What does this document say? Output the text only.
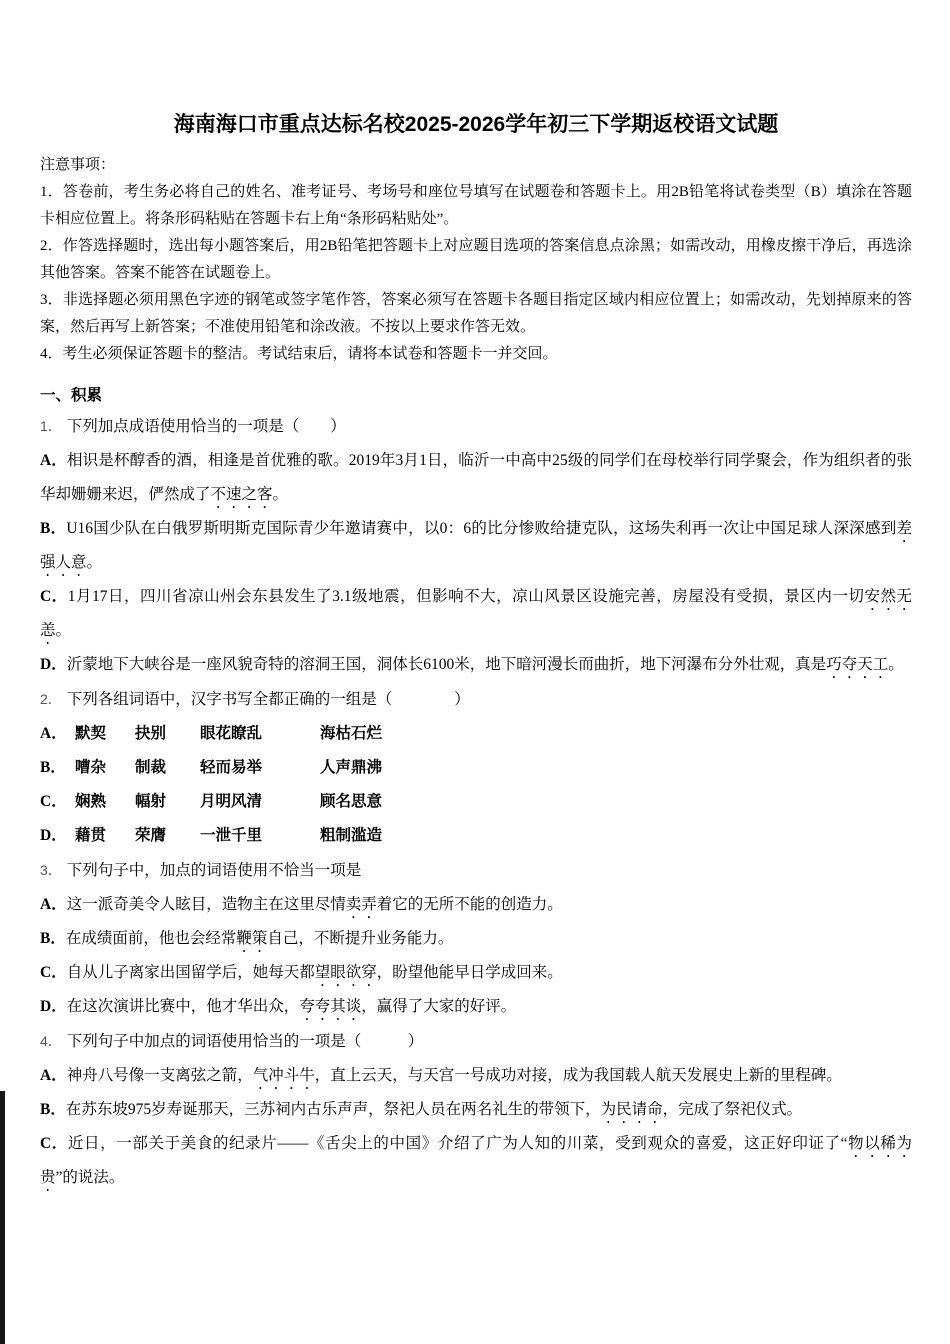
海南海口市重点达标名校2025-2026学年初三下学期返校语文试题

注意事项：

1．答卷前，考生务必将自己的姓名、准考证号、考场号和座位号填写在试题卷和答题卡上。用2B铅笔将试卷类型（B）填涂在答题卡相应位置上。将条形码粘贴在答题卡右上角“条形码粘贴处”。

2．作答选择题时，选出每小题答案后，用2B铅笔把答题卡上对应题目选项的答案信息点涂黑；如需改动，用橡皮擦干净后，再选涂其他答案。答案不能答在试题卷上。

3．非选择题必须用黑色字迹的钢笔或签字笔作答，答案必须写在答题卡各题目指定区域内相应位置上；如需改动，先划掉原来的答案，然后再写上新答案；不准使用铅笔和涂改液。不按以上要求作答无效。

4．考生必须保证答题卡的整洁。考试结束后，请将本试卷和答题卡一并交回。

一、积累

1． 下列加点成语使用恰当的一项是（　　）

A．相识是杯醇香的酒，相逢是首优雅的歌。2019年3月1日，临沂一中高中25级的同学们在母校举行同学聚会，作为组织者的张华却姗姗来迟，俨然成了不速之客。

B．U16国少队在白俄罗斯明斯克国际青少年邀请赛中，以0：6的比分惨败给捷克队，这场失利再一次让中国足球人深深感到差强人意。

C．1月17日，四川省凉山州会东县发生了3.1级地震，但影响不大，凉山风景区设施完善，房屋没有受损，景区内一切安然无恙。

D．沂蒙地下大峡谷是一座风貌奇特的溶洞王国，洞体长6100米，地下暗河漫长而曲折，地下河瀑布分外壮观，真是巧夺天工。

2． 下列各组词语中，汉字书写全都正确的一组是（　　　　）

A． 默契 抉别 眼花瞭乱	海枯石烂

B． 嘈杂 制裁 轻而易举	人声鼎沸

C． 娴熟 幅射 月明风清	顾名思意

D． 藉贯 荣膺 一泄千里	粗制滥造

3． 下列句子中，加点的词语使用不恰当一项是

A．这一派奇美令人眩目，造物主在这里尽情卖弄着它的无所不能的创造力。

B．在成绩面前，他也会经常鞭策自己，不断提升业务能力。

C．自从儿子离家出国留学后，她每天都望眼欲穿，盼望他能早日学成回来。

D．在这次演讲比赛中，他才华出众，夸夸其谈，赢得了大家的好评。

4． 下列句子中加点的词语使用恰当的一项是（　　　）

A．神舟八号像一支离弦之箭，气冲斗牛，直上云天，与天宫一号成功对接，成为我国载人航天发展史上新的里程碑。

B．在苏东坡975岁寿诞那天，三苏祠内古乐声声，祭祀人员在两名礼生的带领下，为民请命，完成了祭祀仪式。

C．近日，一部关于美食的纪录片——《舌尖上的中国》介绍了广为人知的川菜，受到观众的喜爱，这正好印证了“物以稀为贵”的说法。
